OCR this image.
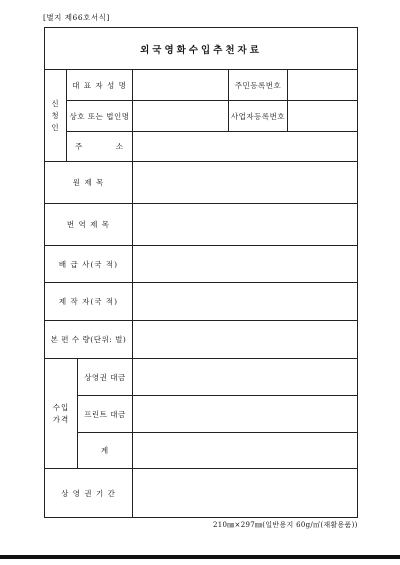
[별지 제66호서식]
외국영화수입추천자료
신
청
인
대 표 자 성 명	주민등록번호
상호 또는 법인명	사업자등록번호
주	소
원 제 목
번 역 제 목
배 급 사(국 적)
제 작 자(국 적)
본 편 수 량(단위: 벌)
수입
가격
상영권 대금
프린트 대금
계
상 영 권 기 간
210㎜×297㎜(일반용지 60g/㎡(재활용품))
